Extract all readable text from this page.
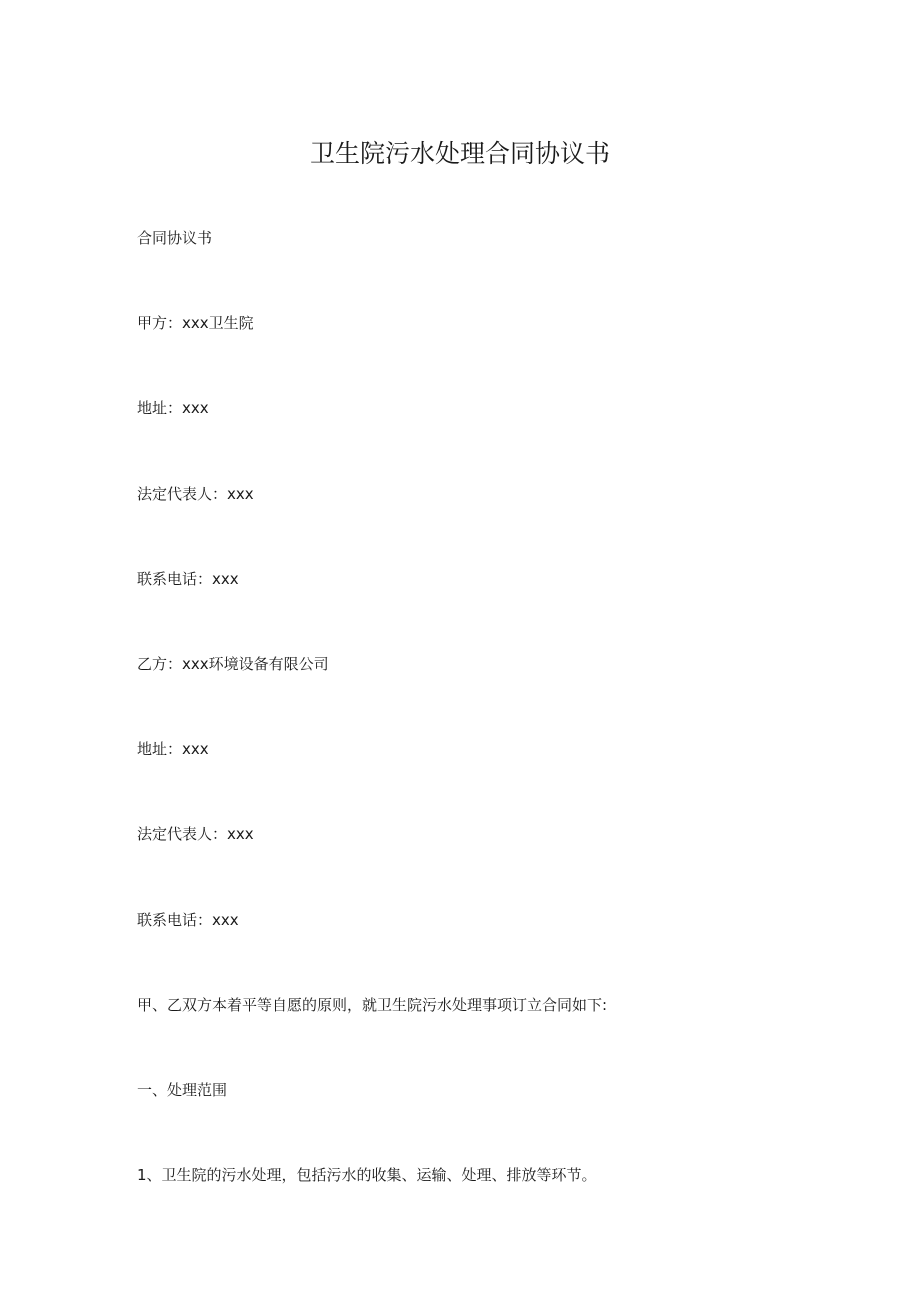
卫生院污水处理合同协议书
合同协议书
甲方：xxx卫生院
地址：xxx
法定代表人：xxx
联系电话：xxx
乙方：xxx环境设备有限公司
地址：xxx
法定代表人：xxx
联系电话：xxx
甲、乙双方本着平等自愿的原则，就卫生院污水处理事项订立合同如下:
一、处理范围
1、卫生院的污水处理，包括污水的收集、运输、处理、排放等环节。
